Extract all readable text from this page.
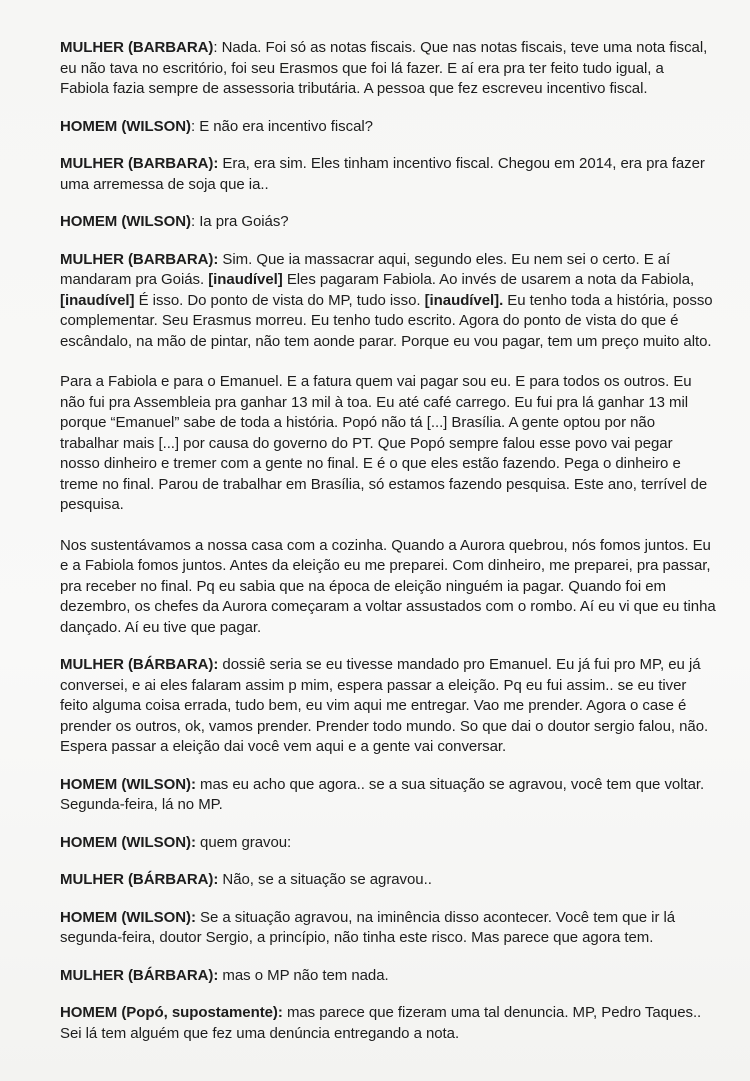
MULHER (BARBARA): Nada. Foi só as notas fiscais. Que nas notas fiscais, teve uma nota fiscal, eu não tava no escritório, foi seu Erasmos que foi lá fazer. E aí era pra ter feito tudo igual, a Fabiola fazia sempre de assessoria tributária. A pessoa que fez escreveu incentivo fiscal.

HOMEM (WILSON): E não era incentivo fiscal?

MULHER (BARBARA): Era, era sim. Eles tinham incentivo fiscal. Chegou em 2014, era pra fazer uma arremessa de soja que ia..

HOMEM (WILSON): Ia pra Goiás?

MULHER (BARBARA): Sim. Que ia massacrar aqui, segundo eles. Eu nem sei o certo. E aí mandaram pra Goiás. [inaudível] Eles pagaram Fabiola. Ao invés de usarem a nota da Fabiola, [inaudível] É isso. Do ponto de vista do MP, tudo isso. [inaudível]. Eu tenho toda a história, posso complementar. Seu Erasmus morreu. Eu tenho tudo escrito. Agora do ponto de vista do que é escândalo, na mão de pintar, não tem aonde parar. Porque eu vou pagar, tem um preço muito alto.

Para a Fabiola e para o Emanuel. E a fatura quem vai pagar sou eu. E para todos os outros. Eu não fui pra Assembleia pra ganhar 13 mil à toa. Eu até café carrego. Eu fui pra lá ganhar 13 mil porque “Emanuel” sabe de toda a história. Popó não tá [...] Brasília. A gente optou por não trabalhar mais [...] por causa do governo do PT. Que Popó sempre falou esse povo vai pegar nosso dinheiro e tremer com a gente no final. E é o que eles estão fazendo. Pega o dinheiro e treme no final. Parou de trabalhar em Brasília, só estamos fazendo pesquisa. Este ano, terrível de pesquisa.

Nos sustentávamos a nossa casa com a cozinha. Quando a Aurora quebrou, nós fomos juntos. Eu e a Fabiola fomos juntos. Antes da eleição eu me preparei. Com dinheiro, me preparei, pra passar, pra receber no final. Pq eu sabia que na época de eleição ninguém ia pagar. Quando foi em dezembro, os chefes da Aurora começaram a voltar assustados com o rombo. Aí eu vi que eu tinha dançado. Aí eu tive que pagar.

MULHER (BÁRBARA): dossiê seria se eu tivesse mandado pro Emanuel. Eu já fui pro MP, eu já conversei, e ai eles falaram assim p mim, espera passar a eleição. Pq eu fui assim.. se eu tiver feito alguma coisa errada, tudo bem, eu vim aqui me entregar. Vao me prender. Agora o case é prender os outros, ok, vamos prender. Prender todo mundo. So que dai o doutor sergio falou, não. Espera passar a eleição dai você vem aqui e a gente vai conversar.

HOMEM (WILSON): mas eu acho que agora.. se a sua situação se agravou, você tem que voltar. Segunda-feira, lá no MP.

HOMEM (WILSON): quem gravou:

MULHER (BÁRBARA): Não, se a situação se agravou..

HOMEM (WILSON): Se a situação agravou, na iminência disso acontecer. Você tem que ir lá segunda-feira, doutor Sergio, a princípio, não tinha este risco. Mas parece que agora tem.

MULHER (BÁRBARA): mas o MP não tem nada.

HOMEM (Popó, supostamente): mas parece que fizeram uma tal denuncia. MP, Pedro Taques.. Sei lá tem alguém que fez uma denúncia entregando a nota.
